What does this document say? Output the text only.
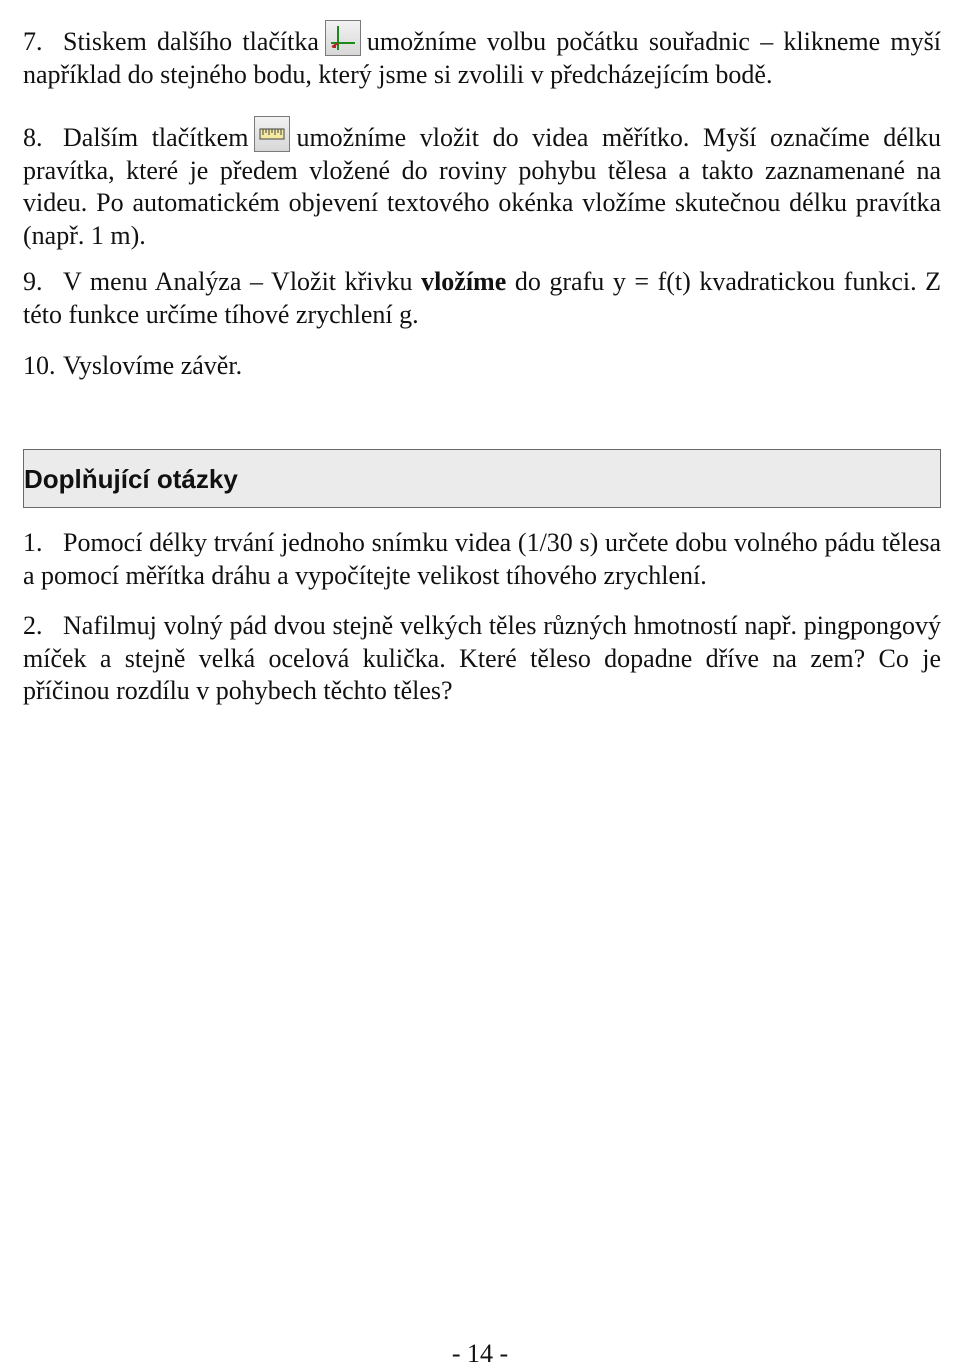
7. Stiskem dalšího tlačítka umožníme volbu počátku souřadnic – klikneme myší například do stejného bodu, který jsme si zvolili v předcházejícím bodě.

8. Dalším tlačítkem umožníme vložit do videa měřítko. Myší označíme délku pravítka, které je předem vložené do roviny pohybu tělesa a takto zaznamenané na videu. Po automatickém objevení textového okénka vložíme skutečnou délku pravítka (např. 1 m).

9. V menu Analýza – Vložit křivku vložíme do grafu y = f(t) kvadratickou funkci. Z této funkce určíme tíhové zrychlení g.

10. Vyslovíme závěr.

Doplňující otázky

1. Pomocí délky trvání jednoho snímku videa (1/30 s) určete dobu volného pádu tělesa a pomocí měřítka dráhu a vypočítejte velikost tíhového zrychlení.

2. Nafilmuj volný pád dvou stejně velkých těles různých hmotností např. pingpongový míček a stejně velká ocelová kulička. Které těleso dopadne dříve na zem? Co je příčinou rozdílu v pohybech těchto těles?

- 14 -
